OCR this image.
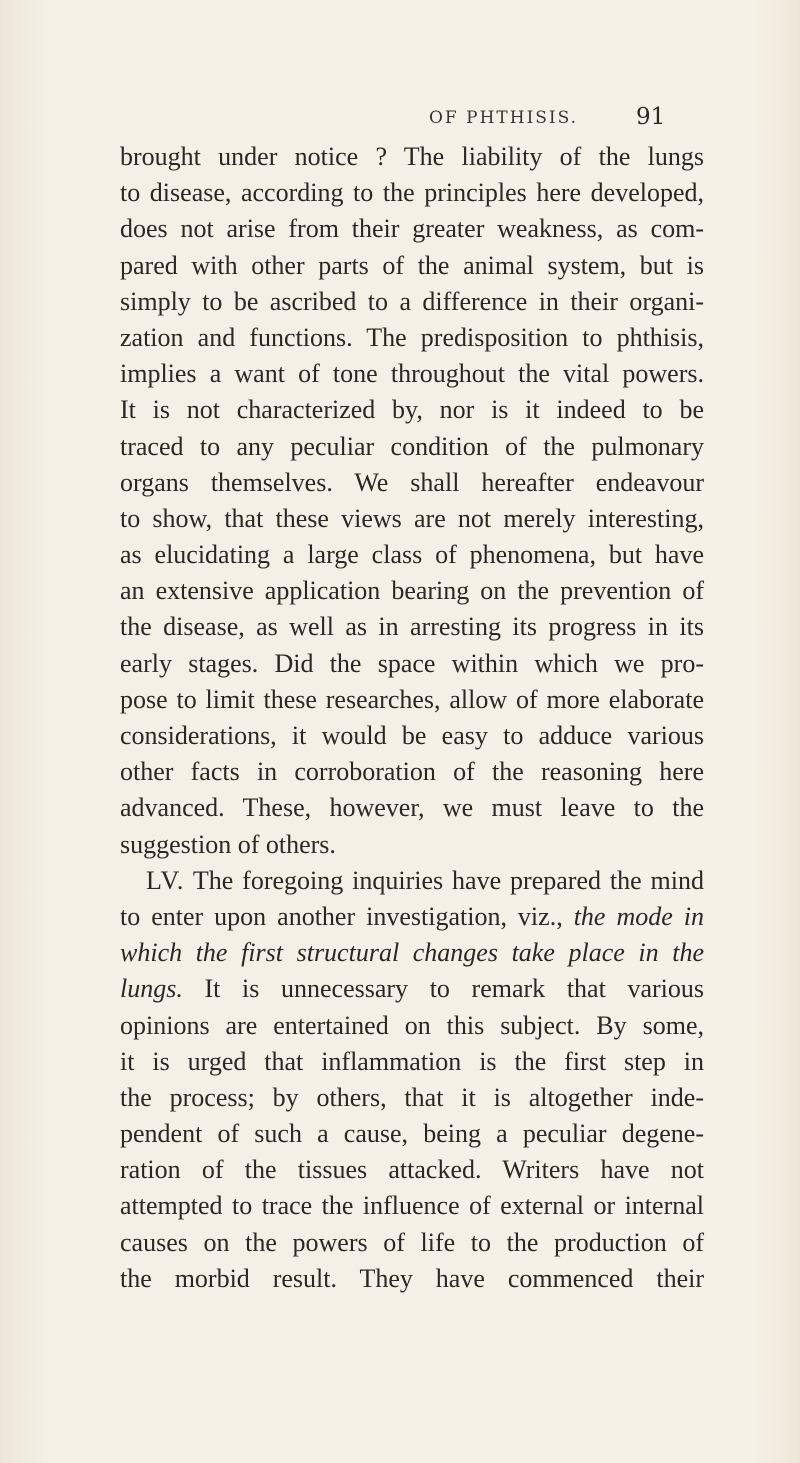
OF PHTHISIS.	91
brought under notice ? The liability of the lungs
to disease, according to the principles here developed,
does not arise from their greater weakness, as com-
pared with other parts of the animal system, but is
simply to be ascribed to a difference in their organi-
zation and functions. The predisposition to phthisis,
implies a want of tone throughout the vital powers.
It is not characterized by, nor is it indeed to be
traced to any peculiar condition of the pulmonary
organs themselves. We shall hereafter endeavour
to show, that these views are not merely interesting,
as elucidating a large class of phenomena, but have
an extensive application bearing on the prevention of
the disease, as well as in arresting its progress in its
early stages. Did the space within which we pro-
pose to limit these researches, allow of more elaborate
considerations, it would be easy to adduce various
other facts in corroboration of the reasoning here
advanced. These, however, we must leave to the
suggestion of others.
LV. The foregoing inquiries have prepared the mind
to enter upon another investigation, viz., the mode in
which the first structural changes take place in the
lungs. It is unnecessary to remark that various
opinions are entertained on this subject. By some,
it is urged that inflammation is the first step in
the process; by others, that it is altogether inde-
pendent of such a cause, being a peculiar degene-
ration of the tissues attacked. Writers have not
attempted to trace the influence of external or internal
causes on the powers of life to the production of
the morbid result. They have commenced their
